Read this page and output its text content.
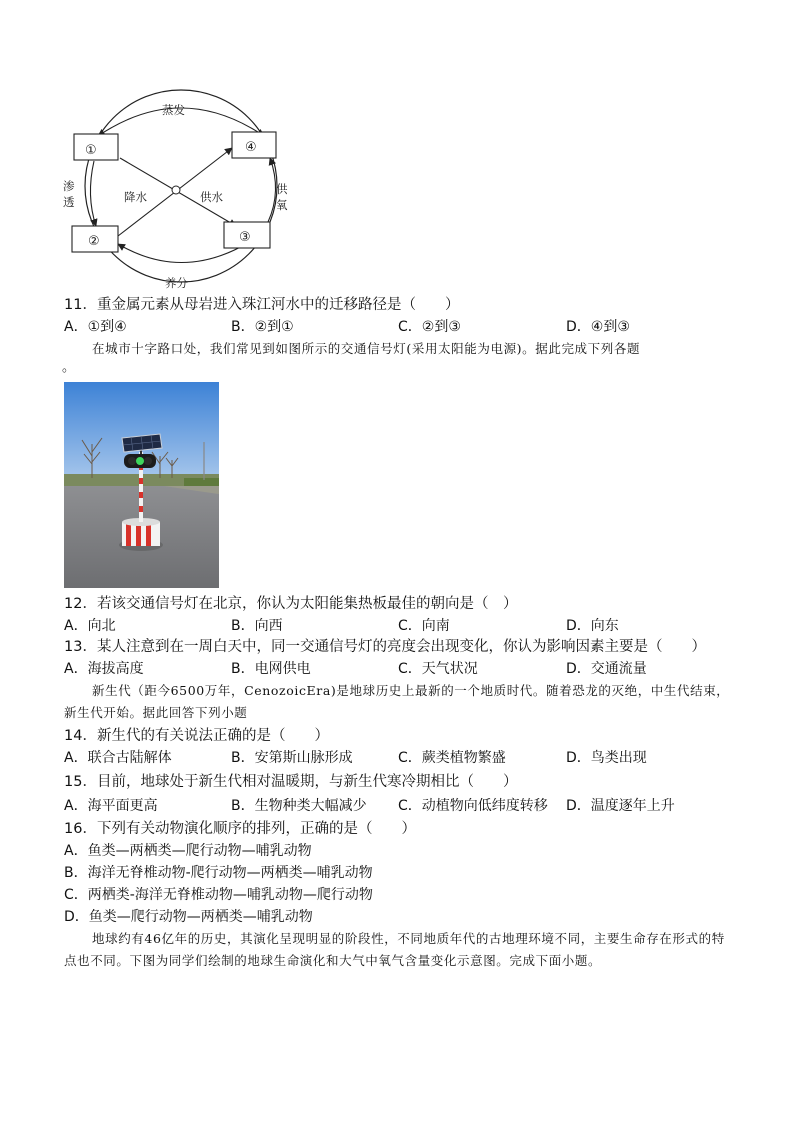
①	④
②	③
蒸发
养分
渗透
供氧
降水	供水
11．重金属元素从母岩进入珠江河水中的迁移路径是（　　）
A．①到④	B．②到①	C．②到③	D．④到③
在城市十字路口处，我们常见到如图所示的交通信号灯(采用太阳能为电源)。据此完成下列各题
。
12．若该交通信号灯在北京，你认为太阳能集热板最佳的朝向是（　）
A．向北	B．向西	C．向南	D．向东
13．某人注意到在一周白天中，同一交通信号灯的亮度会出现变化，你认为影响因素主要是（　　）
A．海拔高度	B．电网供电	C．天气状况	D．交通流量
新生代（距今6500万年，CenozoicEra)是地球历史上最新的一个地质时代。随着恐龙的灭绝，中生代结束，新生代开始。据此回答下列小题
14．新生代的有关说法正确的是（　　）
A．联合古陆解体	B．安第斯山脉形成	C．蕨类植物繁盛	D．鸟类出现
15．目前，地球处于新生代相对温暖期，与新生代寒冷期相比（　　）
A．海平面更高	B．生物种类大幅减少 C．动植物向低纬度转移 D．温度逐年上升
16．下列有关动物演化顺序的排列，正确的是（　　）
A．鱼类—两栖类—爬行动物—哺乳动物
B．海洋无脊椎动物-爬行动物—两栖类—哺乳动物
C．两栖类-海洋无脊椎动物—哺乳动物—爬行动物
D．鱼类—爬行动物—两栖类—哺乳动物
地球约有46亿年的历史，其演化呈现明显的阶段性，不同地质年代的古地理环境不同，主要生命存在形式的特点也不同。下图为同学们绘制的地球生命演化和大气中氧气含量变化示意图。完成下面小题。
